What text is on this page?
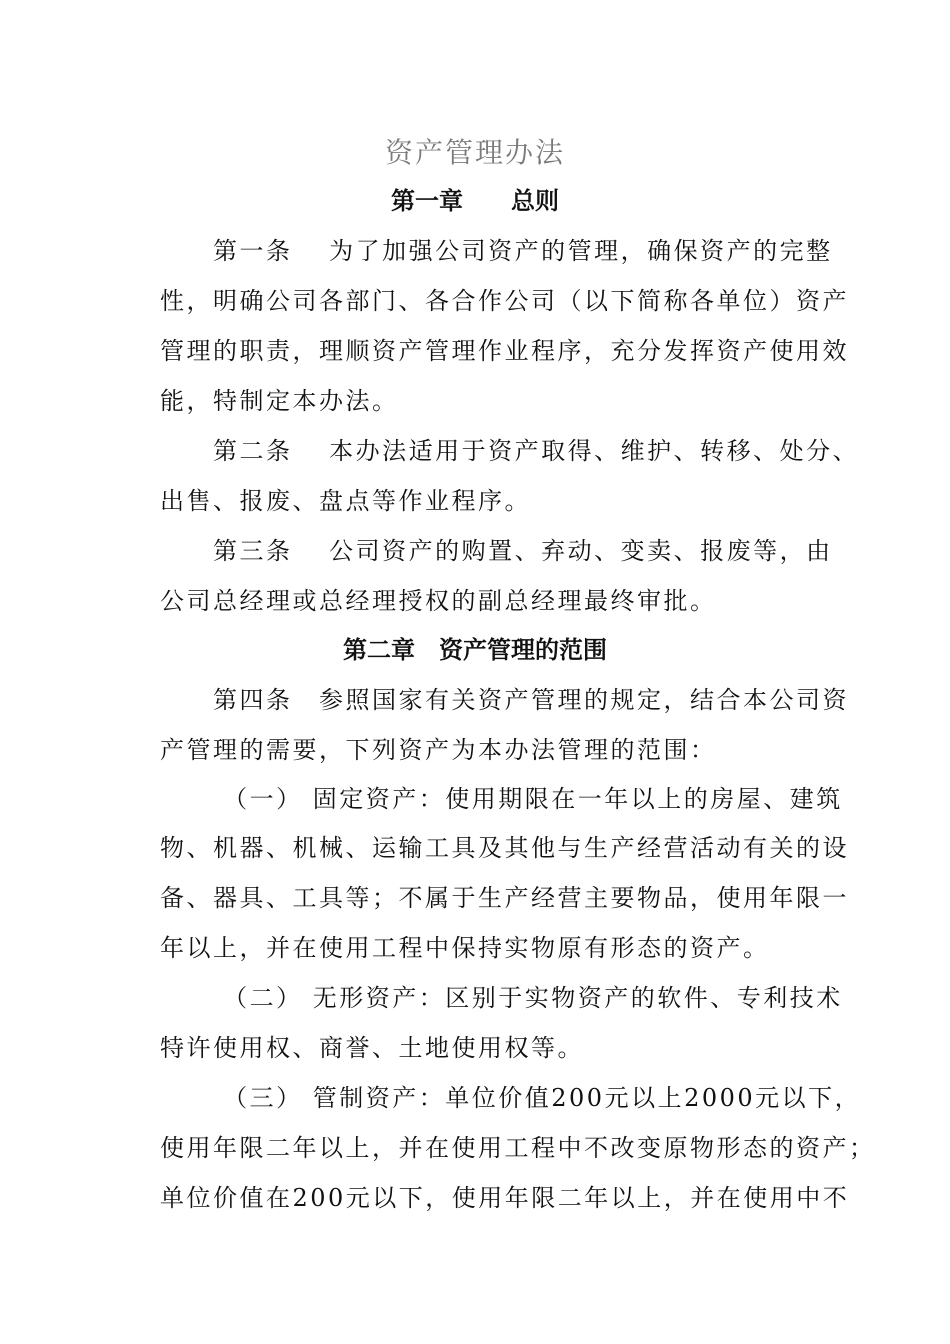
资产管理办法
第一章　　总则
　　第一条　 为了加强公司资产的管理，确保资产的完整
性，明确公司各部门、各合作公司（以下简称各单位）资产
管理的职责，理顺资产管理作业程序，充分发挥资产使用效
能，特制定本办法。
　　第二条　 本办法适用于资产取得、维护、转移、处分、
出售、报废、盘点等作业程序。
　　第三条　 公司资产的购置、弃动、变卖、报废等，由
公司总经理或总经理授权的副总经理最终审批。
第二章　资产管理的范围
　　第四条　参照国家有关资产管理的规定，结合本公司资
产管理的需要，下列资产为本办法管理的范围：
　　 （一） 固定资产：使用期限在一年以上的房屋、建筑
物、机器、机械、运输工具及其他与生产经营活动有关的设
备、器具、工具等；不属于生产经营主要物品，使用年限一
年以上，并在使用工程中保持实物原有形态的资产。
　　 （二） 无形资产：区别于实物资产的软件、专利技术
特许使用权、商誉、土地使用权等。
　　 （三） 管制资产：单位价值200元以上2000元以下，
使用年限二年以上，并在使用工程中不改变原物形态的资产；
单位价值在200元以下，使用年限二年以上，并在使用中不
